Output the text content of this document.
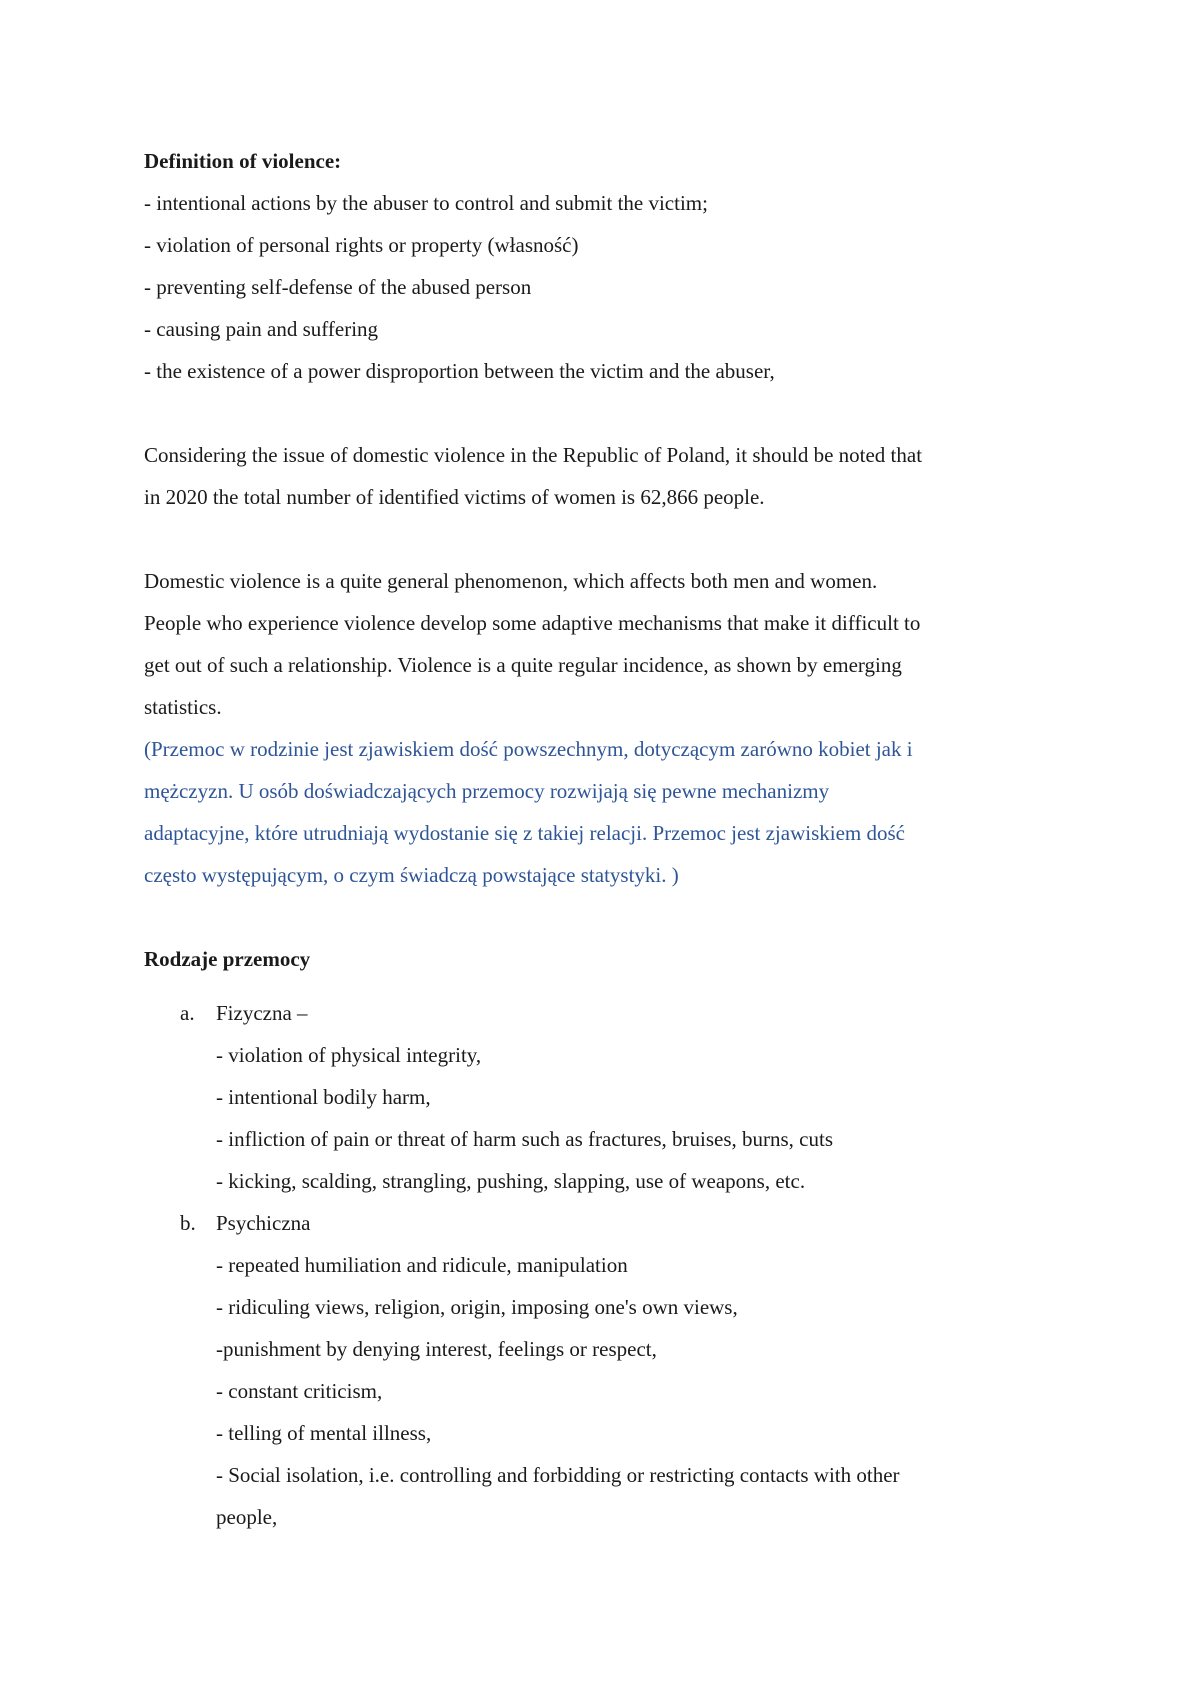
Definition of violence:
- intentional actions by the abuser to control and submit the victim;
- violation of personal rights or property (własność)
- preventing self-defense of the abused person
- causing pain and suffering
- the existence of a power disproportion between the victim and the abuser,
Considering the issue of domestic violence in the Republic of Poland, it should be noted that
in 2020 the total number of identified victims of women is 62,866 people.
Domestic violence is a quite general phenomenon, which affects both men and women.
People who experience violence develop some adaptive mechanisms that make it difficult to
get out of such a relationship. Violence is a quite regular incidence, as shown by emerging
statistics.
(Przemoc w rodzinie jest zjawiskiem dość powszechnym, dotyczącym zarówno kobiet jak i
mężczyzn. U osób doświadczających przemocy rozwijają się pewne mechanizmy
adaptacyjne, które utrudniają wydostanie się z takiej relacji. Przemoc jest zjawiskiem dość
często występującym, o czym świadczą powstające statystyki. )
Rodzaje przemocy
a.	Fizyczna –
- violation of physical integrity,
- intentional bodily harm,
- infliction of pain or threat of harm such as fractures, bruises, burns, cuts
- kicking, scalding, strangling, pushing, slapping, use of weapons, etc.
b. Psychiczna
- repeated humiliation and ridicule, manipulation
- ridiculing views, religion, origin, imposing one's own views,
-punishment by denying interest, feelings or respect,
- constant criticism,
- telling of mental illness,
- Social isolation, i.e. controlling and forbidding or restricting contacts with other
people,
